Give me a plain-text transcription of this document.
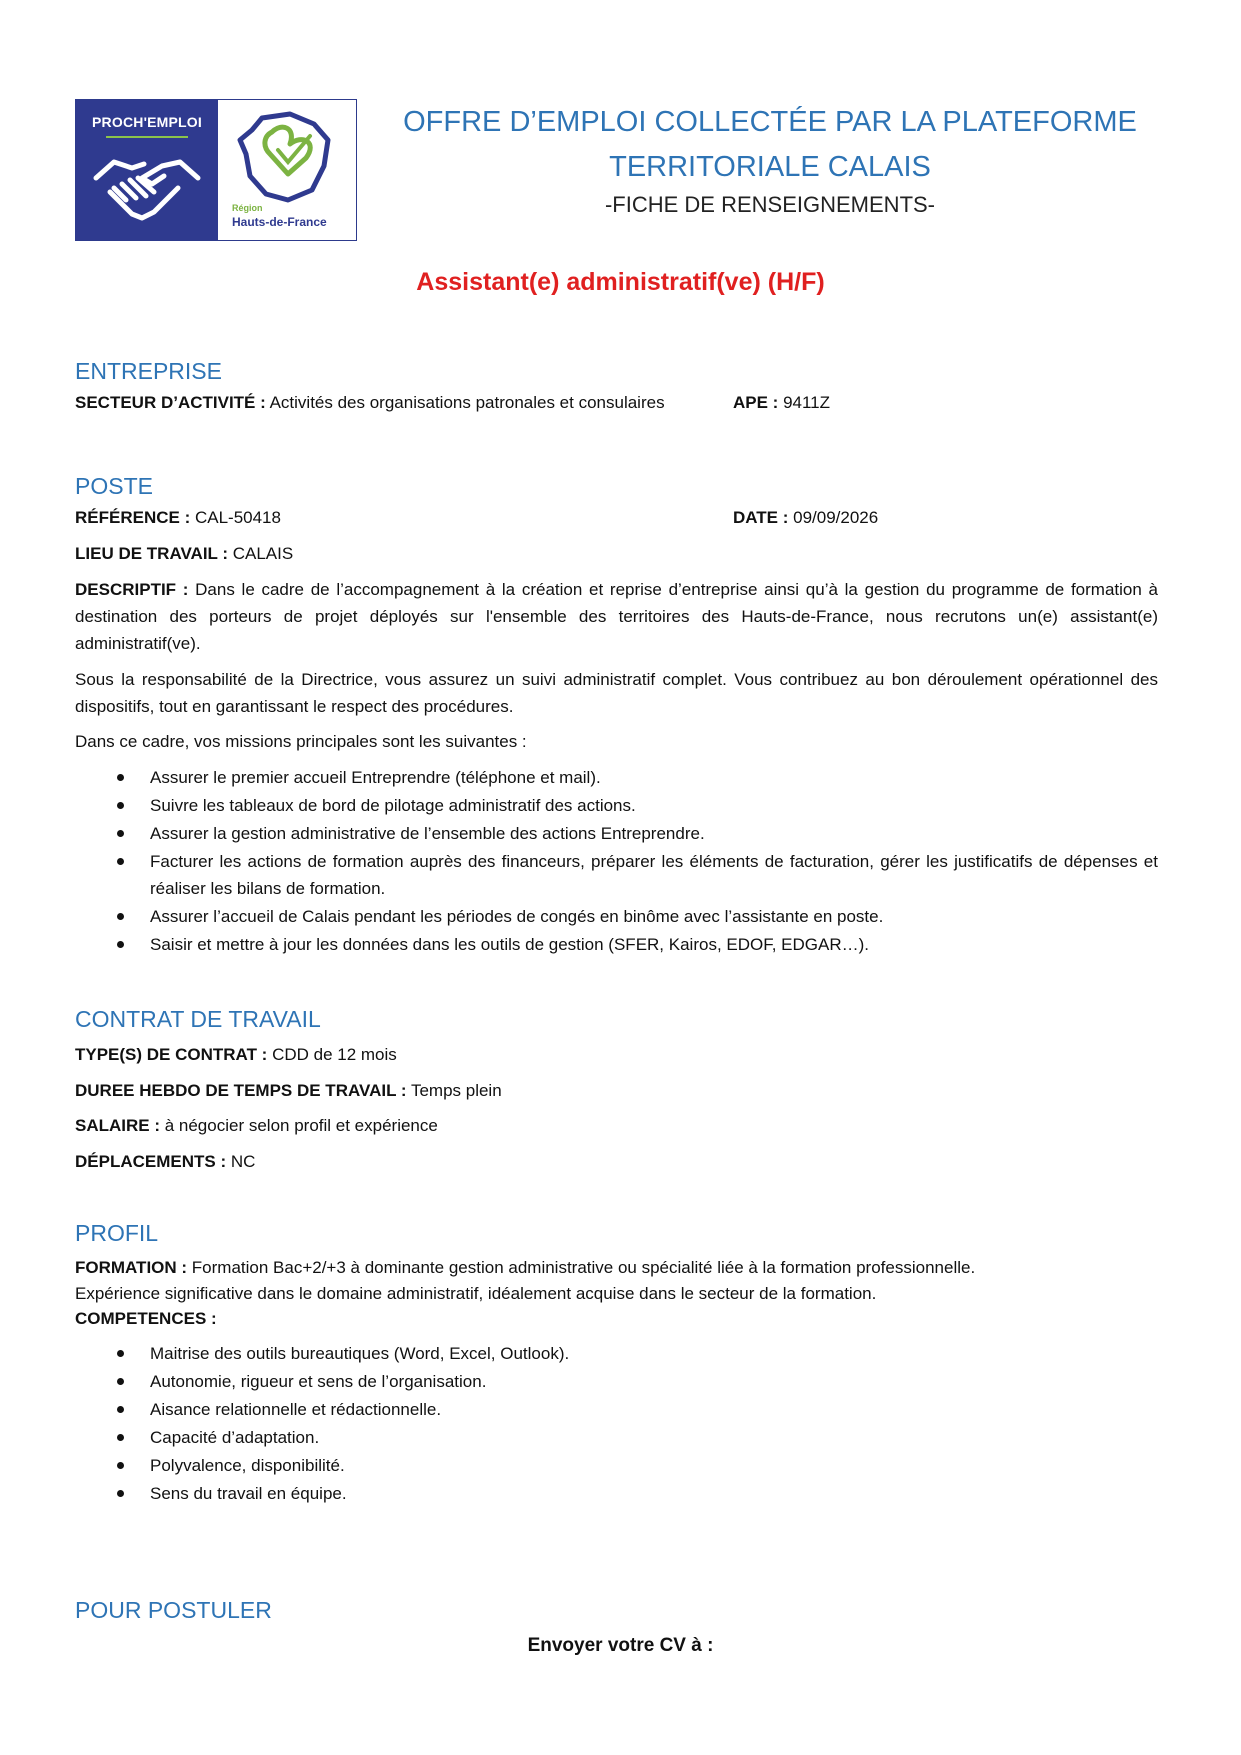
PROCH'EMPLOI
Région
Hauts-de-France
OFFRE D’EMPLOI COLLECTÉE PAR LA PLATEFORME
TERRITORIALE CALAIS
-FICHE DE RENSEIGNEMENTS-
Assistant(e) administratif(ve) (H/F)
ENTREPRISE
SECTEUR D’ACTIVITÉ : Activités des organisations patronales et consulaires	APE : 9411Z
POSTE
RÉFÉRENCE : CAL-50418	DATE : 09/09/2026
LIEU DE TRAVAIL : CALAIS
DESCRIPTIF : Dans le cadre de l’accompagnement à la création et reprise d’entreprise ainsi qu’à la gestion du programme de formation à destination des porteurs de projet déployés sur l'ensemble des territoires des Hauts-de-France, nous recrutons un(e) assistant(e) administratif(ve).
Sous la responsabilité de la Directrice, vous assurez un suivi administratif complet. Vous contribuez au bon déroulement opérationnel des dispositifs, tout en garantissant le respect des procédures.
Dans ce cadre, vos missions principales sont les suivantes :
Assurer le premier accueil Entreprendre (téléphone et mail).
Suivre les tableaux de bord de pilotage administratif des actions.
Assurer la gestion administrative de l’ensemble des actions Entreprendre.
Facturer les actions de formation auprès des financeurs, préparer les éléments de facturation, gérer les justificatifs de dépenses et réaliser les bilans de formation.
Assurer l’accueil de Calais pendant les périodes de congés en binôme avec l’assistante en poste.
Saisir et mettre à jour les données dans les outils de gestion (SFER, Kairos, EDOF, EDGAR…).
CONTRAT DE TRAVAIL
TYPE(S) DE CONTRAT : CDD de 12 mois
DUREE HEBDO DE TEMPS DE TRAVAIL : Temps plein
SALAIRE : à négocier selon profil et expérience
DÉPLACEMENTS : NC
PROFIL
FORMATION : Formation Bac+2/+3 à dominante gestion administrative ou spécialité liée à la formation professionnelle.
Expérience significative dans le domaine administratif, idéalement acquise dans le secteur de la formation.
COMPETENCES :
Maitrise des outils bureautiques (Word, Excel, Outlook).
Autonomie, rigueur et sens de l’organisation.
Aisance relationnelle et rédactionnelle.
Capacité d’adaptation.
Polyvalence, disponibilité.
Sens du travail en équipe.
POUR POSTULER
Envoyer votre CV à :
